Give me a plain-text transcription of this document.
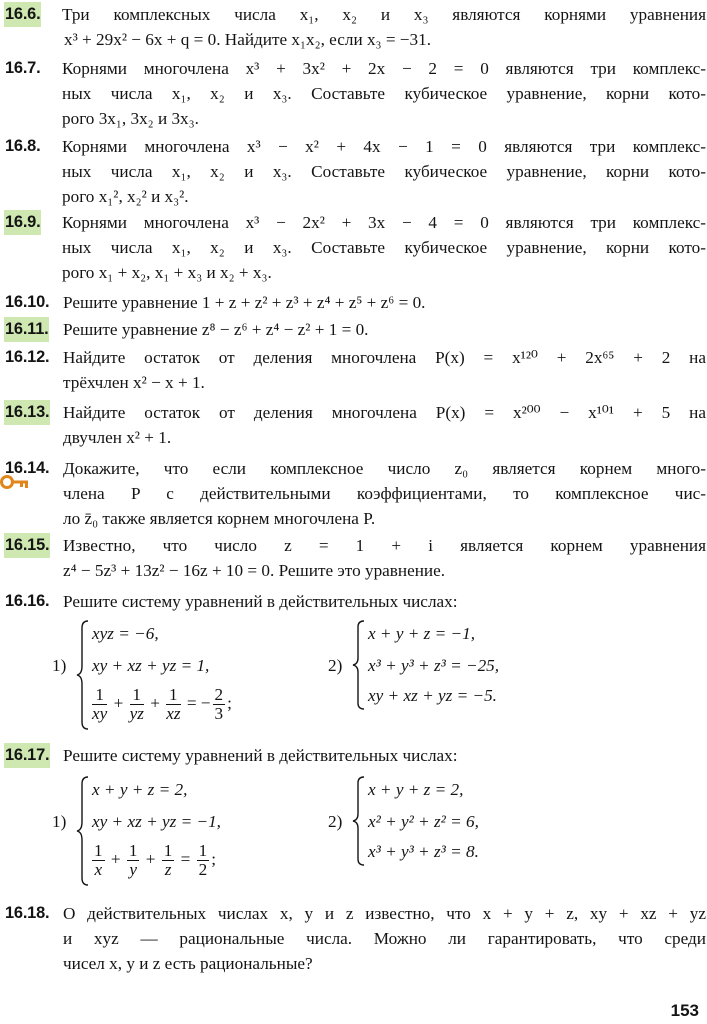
16.6. Три комплексных числа x₁, x₂ и x₃ являются корнями уравнения
x³ + 29x² − 6x + q = 0. Найдите x₁x₂, если x₃ = −31.
16.7. Корнями многочлена x³ + 3x² + 2x − 2 = 0 являются три комплекс-
ных числа x₁, x₂ и x₃. Составьте кубическое уравнение, корни кото-
рого 3x₁, 3x₂ и 3x₃.
16.8. Корнями многочлена x³ − x² + 4x − 1 = 0 являются три комплекс-
ных числа x₁, x₂ и x₃. Составьте кубическое уравнение, корни кото-
рого x₁², x₂² и x₃².
16.9. Корнями многочлена x³ − 2x² + 3x − 4 = 0 являются три комплекс-
ных числа x₁, x₂ и x₃. Составьте кубическое уравнение, корни кото-
рого x₁ + x₂, x₁ + x₃ и x₂ + x₃.
16.10. Решите уравнение 1 + z + z² + z³ + z⁴ + z⁵ + z⁶ = 0.
16.11. Решите уравнение z⁸ − z⁶ + z⁴ − z² + 1 = 0.
16.12. Найдите остаток от деления многочлена P(x) = x¹²⁰ + 2x⁶⁵ + 2 на
трёхчлен x² − x + 1.
16.13. Найдите остаток от деления многочлена P(x) = x²⁰⁰ − x¹⁰¹ + 5 на
двучлен x² + 1.
16.14. Докажите, что если комплексное число z₀ является корнем много-
члена P с действительными коэффициентами, то комплексное чис-
ло z̄₀ также является корнем многочлена P.
16.15. Известно, что число z = 1 + i является корнем уравнения
z⁴ − 5z³ + 13z² − 16z + 10 = 0. Решите это уравнение.
16.16. Решите систему уравнений в действительных числах:
1)
xyz = −6,
xy + xz + yz = 1,
$\frac{1}{xy} + \frac{1}{yz} + \frac{1}{xz}$ = − $\frac{2}{3}$ ;
2)
x + y + z = −1,
x³ + y³ + z³ = −25,
xy + xz + yz = −5.
16.17. Решите систему уравнений в действительных числах:
1)
x + y + z = 2,
xy + xz + yz = −1,
$\frac{1}{x} + \frac{1}{y} + \frac{1}{z} = \frac{1}{2}$ ;
2)
x + y + z = 2,
x² + y² + z² = 6,
x³ + y³ + z³ = 8.
16.18. О действительных числах x, y и z известно, что x + y + z, xy + xz + yz
и xyz — рациональные числа. Можно ли гарантировать, что среди
чисел x, y и z есть рациональные?
153
